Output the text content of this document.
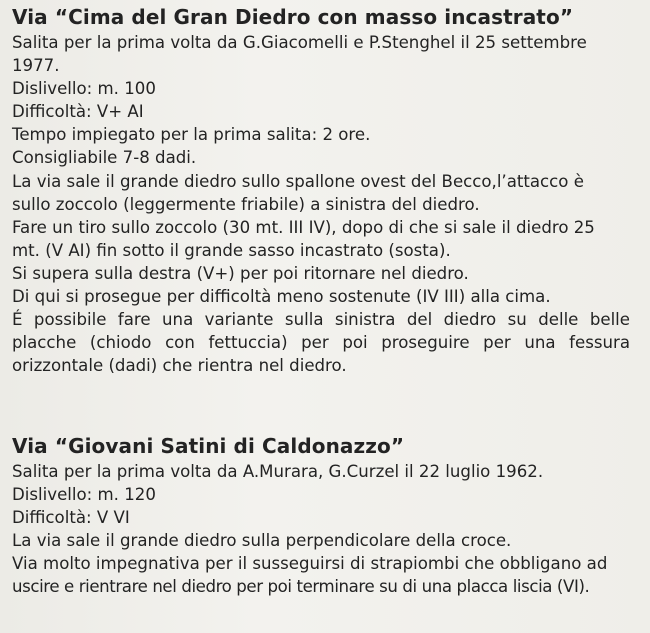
Via “Cima del Gran Diedro con masso incastrato”

Salita per la prima volta da G.Giacomelli e P.Stenghel il 25 settembre

1977.

Dislivello: m. 100

Difficoltà: V+ AI

Tempo impiegato per la prima salita: 2 ore.

Consigliabile 7-8 dadi.

La via sale il grande diedro sullo spallone ovest del Becco,l’attacco è

sullo zoccolo (leggermente friabile) a sinistra del diedro.

Fare un tiro sullo zoccolo (30 mt. III IV), dopo di che si sale il diedro 25

mt. (V AI) fin sotto il grande sasso incastrato (sosta).

Si supera sulla destra (V+) per poi ritornare nel diedro.

Di qui si prosegue per difficoltà meno sostenute (IV III) alla cima.

É possibile fare una variante sulla sinistra del diedro su delle belle

placche (chiodo con fettuccia) per poi proseguire per una fessura

orizzontale (dadi) che rientra nel diedro.

Via “Giovani Satini di Caldonazzo”

Salita per la prima volta da A.Murara, G.Curzel il 22 luglio 1962.

Dislivello: m. 120

Difficoltà: V VI

La via sale il grande diedro sulla perpendicolare della croce.

Via molto impegnativa per il susseguirsi di strapiombi che obbligano ad

uscire e rientrare nel diedro per poi terminare su di una placca liscia (VI).
